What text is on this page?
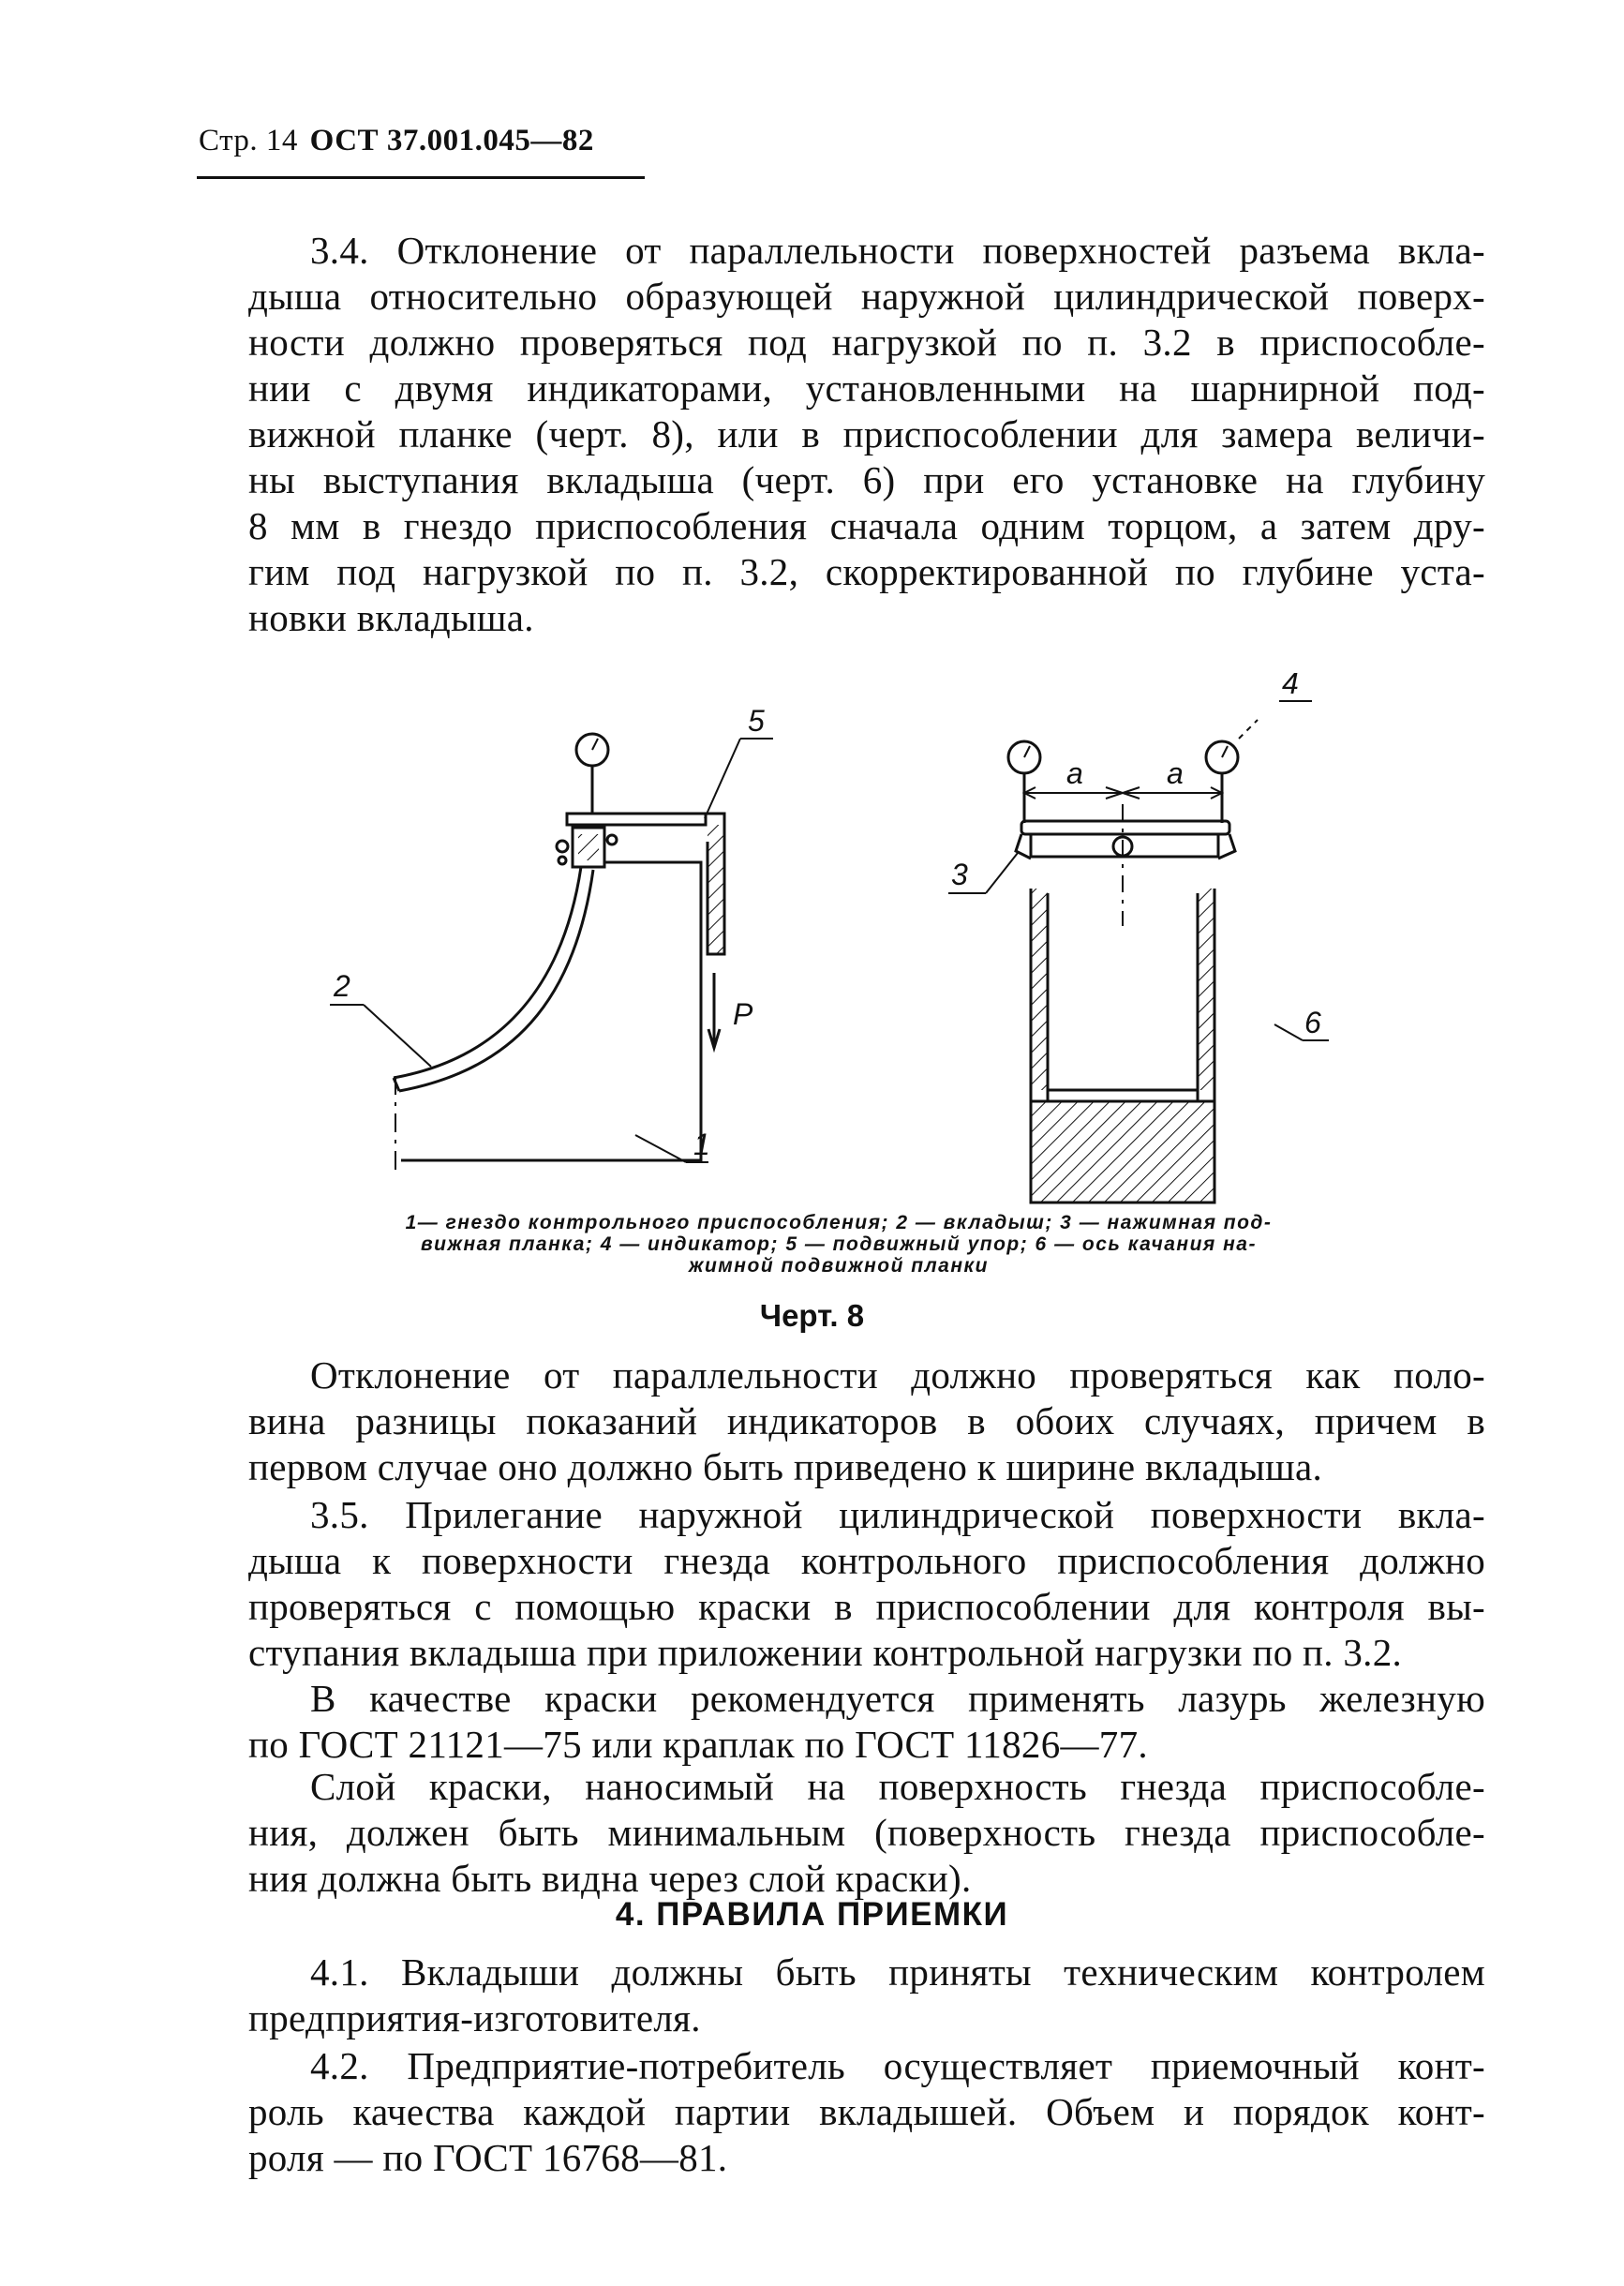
Стр. 14 ОСТ 37.001.045—82
3.4. Отклонение от параллельности поверхностей разъема вкла-
дыша относительно образующей наружной цилиндрической поверх-
ности должно проверяться под нагрузкой по п. 3.2 в приспособле-
нии с двумя индикаторами, установленными на шарнирной под-
вижной планке (черт. 8), или в приспособлении для замера величи-
ны выступания вкладыша (черт. 6) при его установке на глубину
8 мм в гнездо приспособления сначала одним торцом, а затем дру-
гим под нагрузкой по п. 3.2, скорректированной по глубине уста-
новки вкладыша.
P
5
2
1
a	a
3
4
6
1— гнездо контрольного приспособления; 2 — вкладыш; 3 — нажимная под-
вижная планка; 4 — индикатор; 5 — подвижный упор; 6 — ось качания на-
жимной подвижной планки
Черт. 8
Отклонение от параллельности должно проверяться как поло-
вина разницы показаний индикаторов в обоих случаях, причем в
первом случае оно должно быть приведено к ширине вкладыша.
3.5. Прилегание наружной цилиндрической поверхности вкла-
дыша к поверхности гнезда контрольного приспособления должно
проверяться с помощью краски в приспособлении для контроля вы-
ступания вкладыша при приложении контрольной нагрузки по п. 3.2.
В качестве краски рекомендуется применять лазурь железную
по ГОСТ 21121—75 или краплак по ГОСТ 11826—77.
Слой краски, наносимый на поверхность гнезда приспособле-
ния, должен быть минимальным (поверхность гнезда приспособле-
ния должна быть видна через слой краски).
4. ПРАВИЛА ПРИЕМКИ
4.1. Вкладыши должны быть приняты техническим контролем
предприятия-изготовителя.
4.2. Предприятие-потребитель осуществляет приемочный конт-
роль качества каждой партии вкладышей. Объем и порядок конт-
роля — по ГОСТ 16768—81.
